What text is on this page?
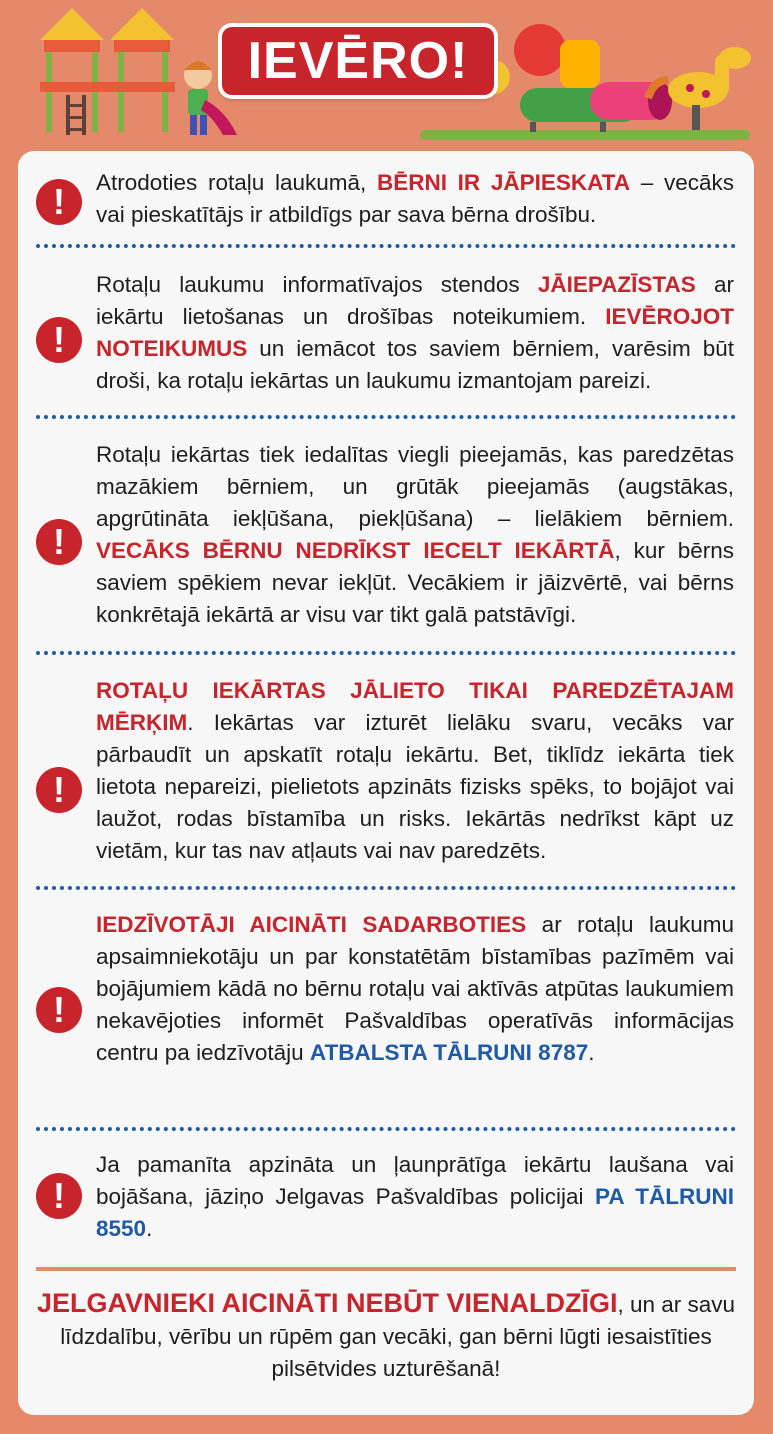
IEVĒRO!
!	Atrodoties rotaļu laukumā, BĒRNI IR JĀPIESKATA – vecāks vai pieskatītājs ir atbildīgs par sava bērna drošību.
!
Rotaļu laukumu informatīvajos stendos JĀIEPAZĪSTAS ar iekārtu lietošanas un drošības noteikumiem. IEVĒROJOT NOTEIKUMUS un iemācot tos saviem bērniem, varēsim būt droši, ka rotaļu iekārtas un laukumu izmantojam pareizi.
!
Rotaļu iekārtas tiek iedalītas viegli pieejamās, kas paredzētas mazākiem bērniem, un grūtāk pieejamās (augstākas, apgrūtināta iekļūšana, piekļūšana) – lielākiem bērniem. VECĀKS BĒRNU NEDRĪKST IECELT IEKĀRTĀ, kur bērns saviem spēkiem nevar iekļūt. Vecākiem ir jāizvērtē, vai bērns konkrētajā iekārtā ar visu var tikt galā patstāvīgi.
!
ROTAĻU IEKĀRTAS JĀLIETO TIKAI PAREDZĒTAJAM MĒRĶIM. Iekārtas var izturēt lielāku svaru, vecāks var pārbaudīt un apskatīt rotaļu iekārtu. Bet, tiklīdz iekārta tiek lietota nepareizi, pielietots apzināts fizisks spēks, to bojājot vai laužot, rodas bīstamība un risks. Iekārtās nedrīkst kāpt uz vietām, kur tas nav atļauts vai nav paredzēts.
!
IEDZĪVOTĀJI AICINĀTI SADARBOTIES ar rotaļu laukumu apsaimniekotāju un par konstatētām bīstamības pazīmēm vai bojājumiem kādā no bērnu rotaļu vai aktīvās atpūtas laukumiem nekavējoties informēt Pašvaldības operatīvās informācijas centru pa iedzīvotāju ATBALSTA TĀLRUNI 8787.
!
Ja pamanīta apzināta un ļaunprātīga iekārtu laušana vai bojāšana, jāziņo Jelgavas Pašvaldības policijai PA TĀLRUNI 8550.
JELGAVNIEKI AICINĀTI NEBŪT VIENALDZĪGI, un ar savu līdzdalību, vērību un rūpēm gan vecāki, gan bērni lūgti iesaistīties pilsētvides uzturēšanā!
